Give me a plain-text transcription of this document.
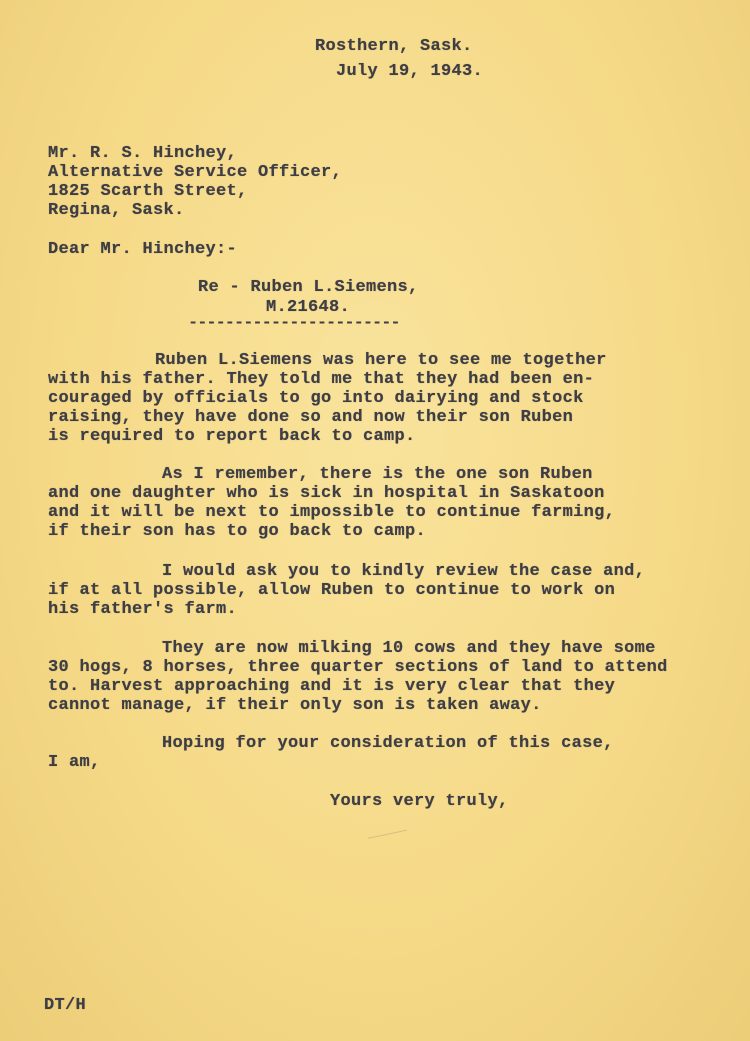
Rosthern, Sask.
July 19, 1943.
Mr. R. S. Hinchey,
Alternative Service Officer,
1825 Scarth Street,
Regina, Sask.
Dear Mr. Hinchey:-
Re - Ruben L.Siemens,
M.21648.
-----------------------
Ruben L.Siemens was here to see me together
with his father. They told me that they had been en-
couraged by officials to go into dairying and stock
raising, they have done so and now their son Ruben
is required to report back to camp.
As I remember, there is the one son Ruben
and one daughter who is sick in hospital in Saskatoon
and it will be next to impossible to continue farming,
if their son has to go back to camp.
I would ask you to kindly review the case and,
if at all possible, allow Ruben to continue to work on
his father's farm.
They are now milking 10 cows and they have some
30 hogs, 8 horses, three quarter sections of land to attend
to. Harvest approaching and it is very clear that they
cannot manage, if their only son is taken away.
Hoping for your consideration of this case,
I am,
Yours very truly,
DT/H
